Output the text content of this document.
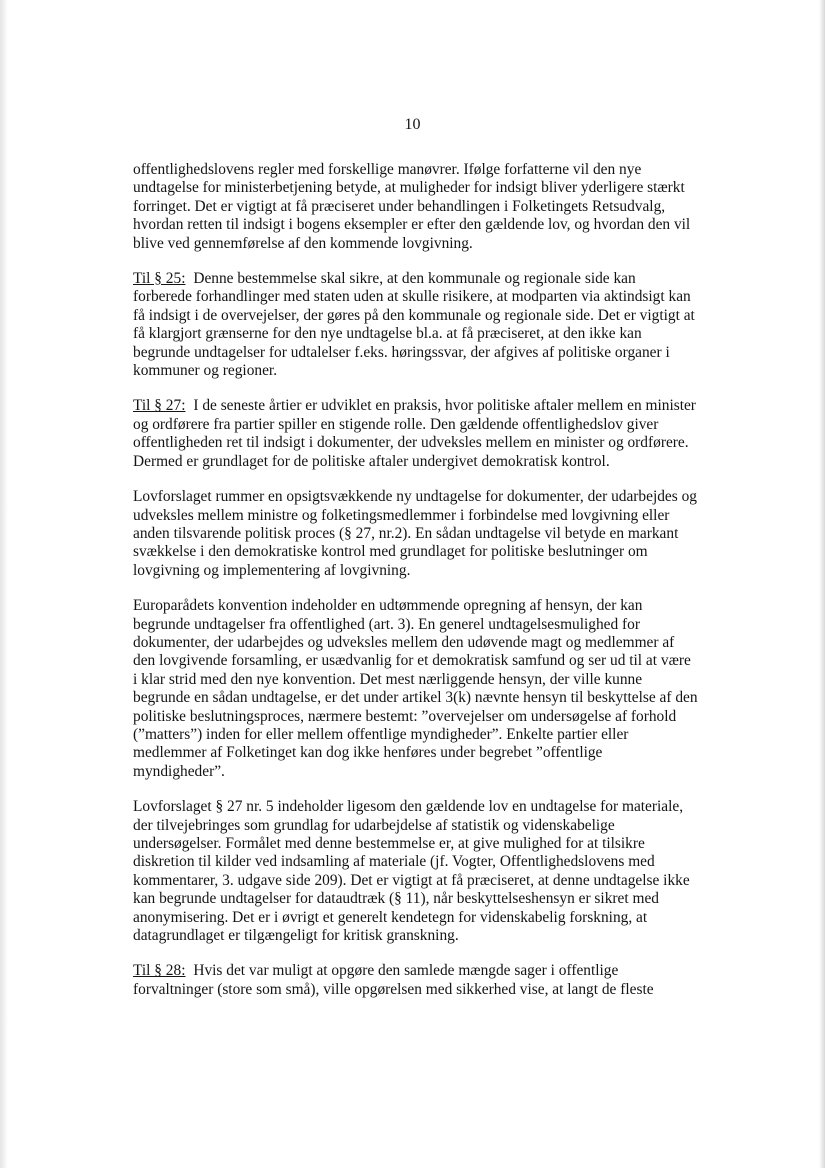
10

offentlighedslovens regler med forskellige manøvrer. Ifølge forfatterne vil den nye undtagelse for ministerbetjening betyde, at muligheder for indsigt bliver yderligere stærkt forringet. Det er vigtigt at få præciseret under behandlingen i Folketingets Retsudvalg, hvordan retten til indsigt i bogens eksempler er efter den gældende lov, og hvordan den vil blive ved gennemførelse af den kommende lovgivning.

Til § 25: Denne bestemmelse skal sikre, at den kommunale og regionale side kan forberede forhandlinger med staten uden at skulle risikere, at modparten via aktindsigt kan få indsigt i de overvejelser, der gøres på den kommunale og regionale side. Det er vigtigt at få klargjort grænserne for den nye undtagelse bl.a. at få præciseret, at den ikke kan begrunde undtagelser for udtalelser f.eks. høringssvar, der afgives af politiske organer i kommuner og regioner.

Til § 27: I de seneste årtier er udviklet en praksis, hvor politiske aftaler mellem en minister og ordførere fra partier spiller en stigende rolle. Den gældende offentlighedslov giver offentligheden ret til indsigt i dokumenter, der udveksles mellem en minister og ordførere. Dermed er grundlaget for de politiske aftaler undergivet demokratisk kontrol.

Lovforslaget rummer en opsigtsvækkende ny undtagelse for dokumenter, der udarbejdes og udveksles mellem ministre og folketingsmedlemmer i forbindelse med lovgivning eller anden tilsvarende politisk proces (§ 27, nr.2). En sådan undtagelse vil betyde en markant svækkelse i den demokratiske kontrol med grundlaget for politiske beslutninger om lovgivning og implementering af lovgivning.

Europarådets konvention indeholder en udtømmende opregning af hensyn, der kan begrunde undtagelser fra offentlighed (art. 3). En generel undtagelsesmulighed for dokumenter, der udarbejdes og udveksles mellem den udøvende magt og medlemmer af den lovgivende forsamling, er usædvanlig for et demokratisk samfund og ser ud til at være i klar strid med den nye konvention. Det mest nærliggende hensyn, der ville kunne begrunde en sådan undtagelse, er det under artikel 3(k) nævnte hensyn til beskyttelse af den politiske beslutningsproces, nærmere bestemt: ”overvejelser om undersøgelse af forhold (”matters”) inden for eller mellem offentlige myndigheder”. Enkelte partier eller medlemmer af Folketinget kan dog ikke henføres under begrebet ”offentlige myndigheder”.

Lovforslaget § 27 nr. 5 indeholder ligesom den gældende lov en undtagelse for materiale, der tilvejebringes som grundlag for udarbejdelse af statistik og videnskabelige undersøgelser. Formålet med denne bestemmelse er, at give mulighed for at tilsikre diskretion til kilder ved indsamling af materiale (jf. Vogter, Offentlighedslovens med kommentarer, 3. udgave side 209). Det er vigtigt at få præciseret, at denne undtagelse ikke kan begrunde undtagelser for dataudtræk (§ 11), når beskyttelseshensyn er sikret med anonymisering. Det er i øvrigt et generelt kendetegn for videnskabelig forskning, at datagrundlaget er tilgængeligt for kritisk granskning.

Til § 28: Hvis det var muligt at opgøre den samlede mængde sager i offentlige forvaltninger (store som små), ville opgørelsen med sikkerhed vise, at langt de fleste
